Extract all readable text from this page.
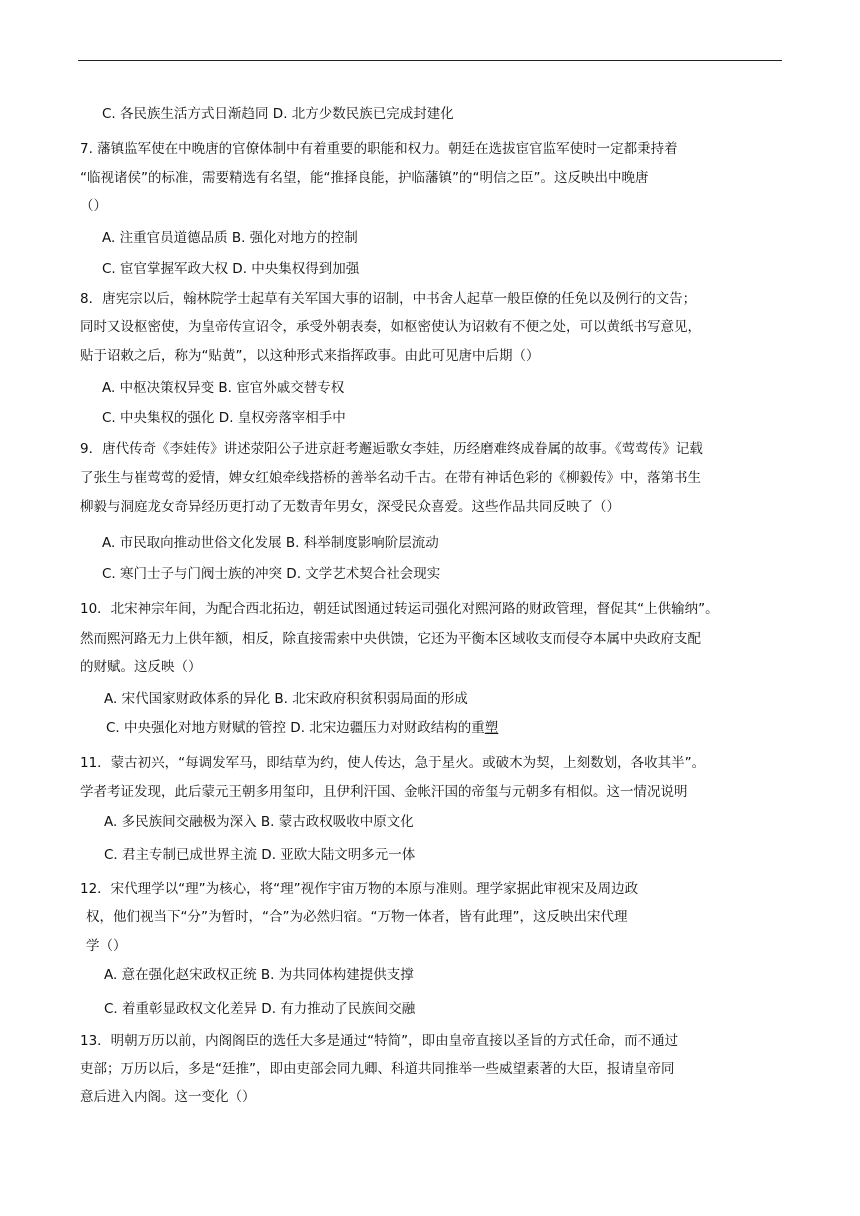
C. 各民族生活方式日渐趋同 D. 北方少数民族已完成封建化
7. 藩镇监军使在中晚唐的官僚体制中有着重要的职能和权力。朝廷在选拔宦官监军使时一定都秉持着
“临视诸侯”的标准，需要精选有名望，能“推择良能，护临藩镇”的“明信之臣”。这反映出中晚唐
（）
A. 注重官员道德品质 B. 强化对地方的控制
C. 宦官掌握军政大权 D. 中央集权得到加强
8．唐宪宗以后，翰林院学士起草有关军国大事的诏制，中书舍人起草一般臣僚的任免以及例行的文告；
同时又设枢密使，为皇帝传宣诏令，承受外朝表奏，如枢密使认为诏敕有不便之处，可以黄纸书写意见，
贴于诏敕之后，称为“贴黄”，以这种形式来指挥政事。由此可见唐中后期（）
A. 中枢决策权异变 B. 宦官外戚交替专权
C. 中央集权的强化 D. 皇权旁落宰相手中
9．唐代传奇《李娃传》讲述荥阳公子进京赶考邂逅歌女李娃，历经磨难终成眷属的故事。《莺莺传》记载
了张生与崔莺莺的爱情，婢女红娘牵线搭桥的善举名动千古。在带有神话色彩的《柳毅传》中，落第书生
柳毅与洞庭龙女奇异经历更打动了无数青年男女，深受民众喜爱。这些作品共同反映了（）
A. 市民取向推动世俗文化发展 B. 科举制度影响阶层流动
C. 寒门士子与门阀士族的冲突 D. 文学艺术契合社会现实
10．北宋神宗年间，为配合西北拓边，朝廷试图通过转运司强化对熙河路的财政管理，督促其“上供输纳”。
然而熙河路无力上供年额，相反，除直接需索中央供馈，它还为平衡本区域收支而侵夺本属中央政府支配
的财赋。这反映（）
A. 宋代国家财政体系的异化 B. 北宋政府积贫积弱局面的形成
C. 中央强化对地方财赋的管控 D. 北宋边疆压力对财政结构的重塑
11．蒙古初兴，“每调发军马，即结草为约，使人传达，急于星火。或破木为契，上刻数划，各收其半”。
学者考证发现，此后蒙元王朝多用玺印，且伊利汗国、金帐汗国的帝玺与元朝多有相似。这一情况说明
A. 多民族间交融极为深入 B. 蒙古政权吸收中原文化
C. 君主专制已成世界主流 D. 亚欧大陆文明多元一体
12．宋代理学以“理”为核心，将“理”视作宇宙万物的本原与准则。理学家据此审视宋及周边政
权，他们视当下“分”为暂时，“合”为必然归宿。“万物一体者，皆有此理”，这反映出宋代理
学（）
A. 意在强化赵宋政权正统 B. 为共同体构建提供支撑
C. 着重彰显政权文化差异 D. 有力推动了民族间交融
13．明朝万历以前，内阁阁臣的选任大多是通过“特简”，即由皇帝直接以圣旨的方式任命，而不通过
吏部；万历以后，多是“廷推”，即由吏部会同九卿、科道共同推举一些威望素著的大臣，报请皇帝同
意后进入内阁。这一变化（）
